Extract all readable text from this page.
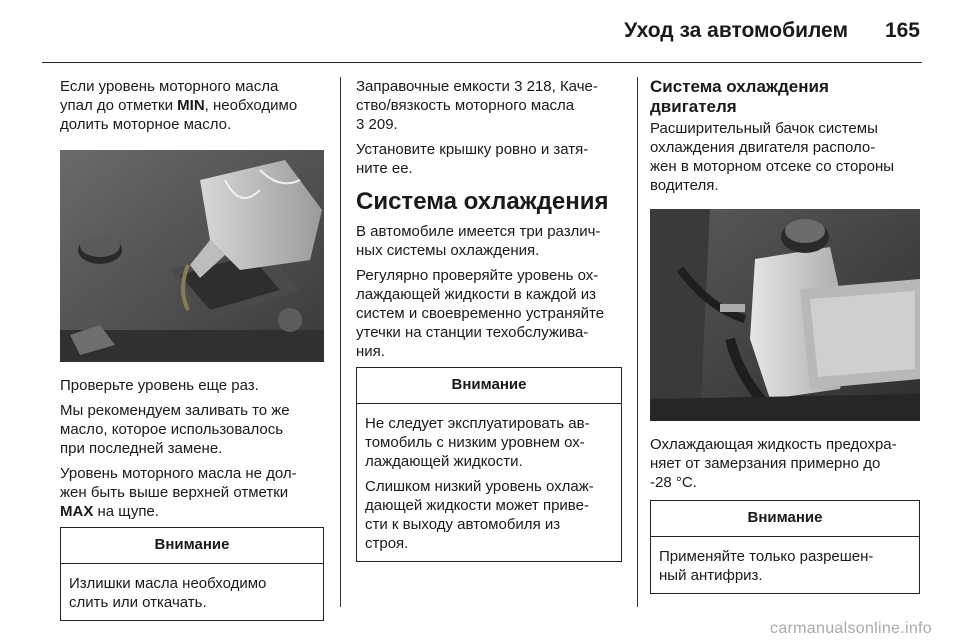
Уход за автомобилем 165

Если уровень моторного масла
упал до отметки MIN, необходимо
долить моторное масло.

Проверьте уровень еще раз.

Мы рекомендуем заливать то же
масло, которое использовалось
при последней замене.

Уровень моторного масла не дол-
жен быть выше верхней отметки
MAX на щупе.

Внимание
Излишки масла необходимо
слить или откачать.

Заправочные емкости 3 218, Каче-
ство/вязкость моторного масла
3 209.

Установите крышку ровно и затя-
ните ее.

Система охлаждения

В автомобиле имеется три различ-
ных системы охлаждения.

Регулярно проверяйте уровень ох-
лаждающей жидкости в каждой из
систем и своевременно устраняйте
утечки на станции техобслужива-
ния.

Внимание

Не следует эксплуатировать ав-
томобиль с низким уровнем ох-
лаждающей жидкости.

Слишком низкий уровень охлаж-
дающей жидкости может приве-
сти к выходу автомобиля из
строя.

Система охлаждения
двигателя

Расширительный бачок системы
охлаждения двигателя располо-
жен в моторном отсеке со стороны
водителя.

Охлаждающая жидкость предохра-
няет от замерзания примерно до
-28 °C.

Внимание
Применяйте только разрешен-
ный антифриз.
carmanualsonline.info
